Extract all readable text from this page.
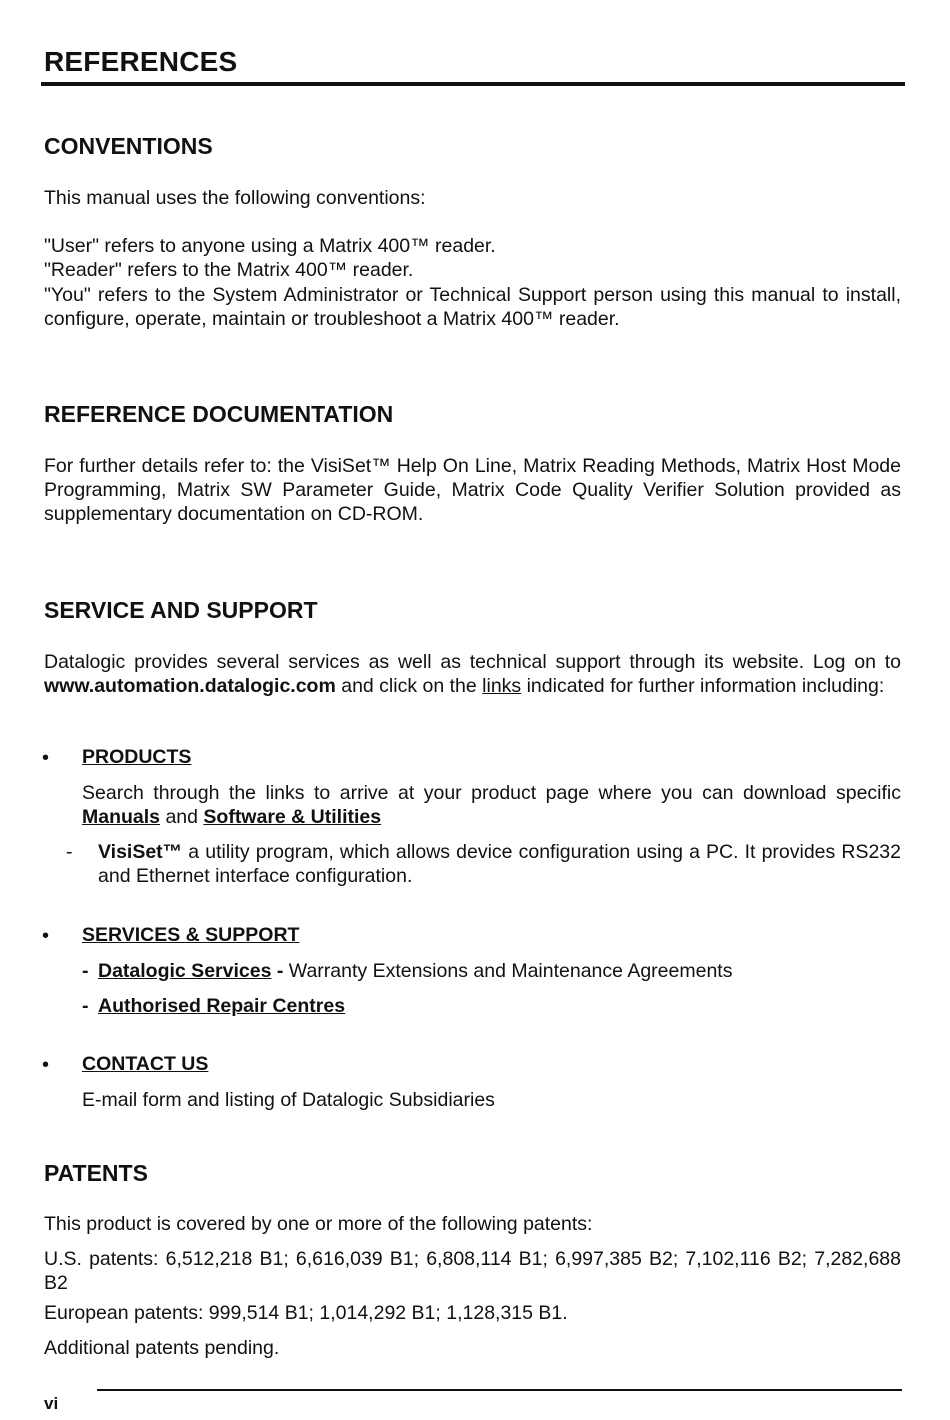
REFERENCES
CONVENTIONS
This manual uses the following conventions:
"User" refers to anyone using a Matrix 400™ reader.
"Reader" refers to the Matrix 400™ reader.
"You" refers to the System Administrator or Technical Support person using this manual to install, configure, operate, maintain or troubleshoot a Matrix 400™ reader.
REFERENCE DOCUMENTATION
For further details refer to: the VisiSet™ Help On Line, Matrix Reading Methods, Matrix Host Mode Programming, Matrix SW Parameter Guide, Matrix Code Quality Verifier Solution provided as supplementary documentation on CD-ROM.
SERVICE AND SUPPORT
Datalogic provides several services as well as technical support through its website. Log on to www.automation.datalogic.com and click on the links indicated for further information including:
• PRODUCTS
Search through the links to arrive at your product page where you can download specific Manuals and Software & Utilities
- VisiSet™ a utility program, which allows device configuration using a PC. It provides RS232 and Ethernet interface configuration.
• SERVICES & SUPPORT
- Datalogic Services - Warranty Extensions and Maintenance Agreements
- Authorised Repair Centres
• CONTACT US
E-mail form and listing of Datalogic Subsidiaries
PATENTS
This product is covered by one or more of the following patents:
U.S. patents: 6,512,218 B1; 6,616,039 B1; 6,808,114 B1; 6,997,385 B2; 7,102,116 B2; 7,282,688 B2
European patents: 999,514 B1; 1,014,292 B1; 1,128,315 B1.
Additional patents pending.
vi
